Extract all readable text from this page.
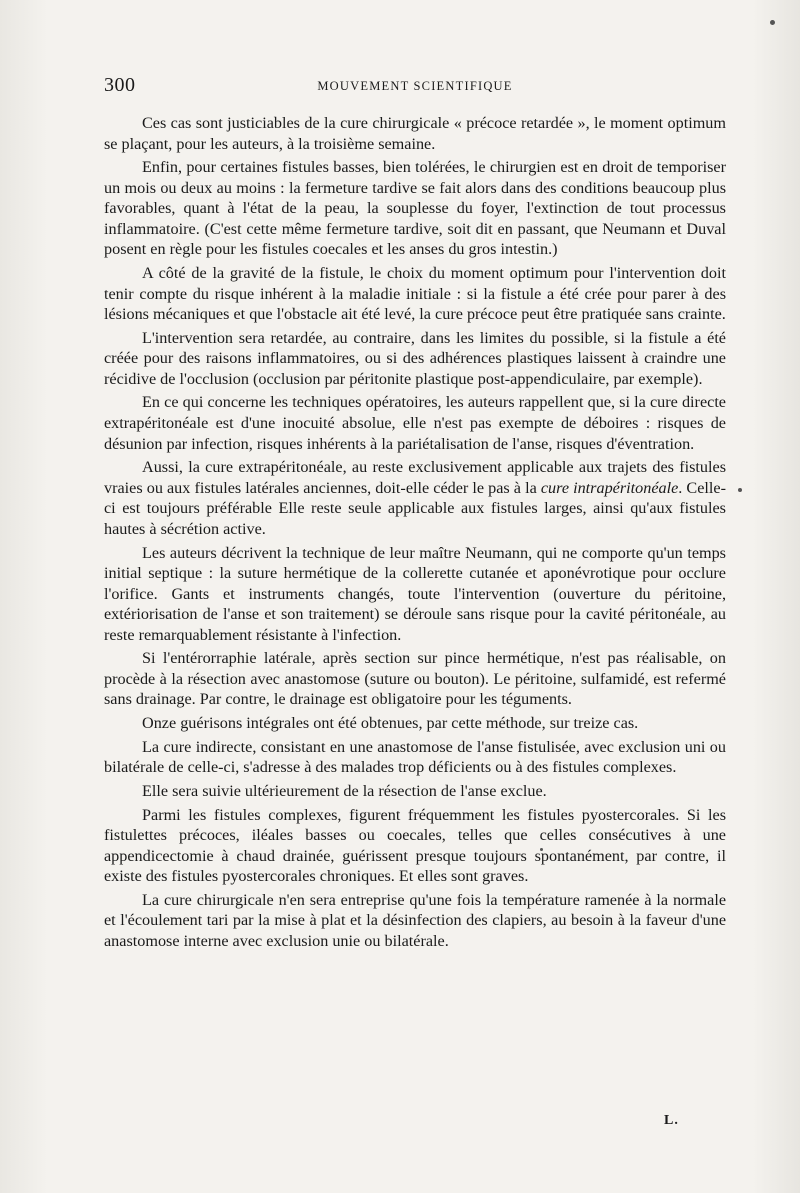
300	MOUVEMENT SCIENTIFIQUE

Ces cas sont justiciables de la cure chirurgicale « précoce retardée », le moment optimum se plaçant, pour les auteurs, à la troisième semaine.

Enfin, pour certaines fistules basses, bien tolérées, le chirurgien est en droit de temporiser un mois ou deux au moins : la fermeture tardive se fait alors dans des conditions beaucoup plus favorables, quant à l'état de la peau, la souplesse du foyer, l'extinction de tout processus inflammatoire. (C'est cette même fermeture tardive, soit dit en passant, que Neumann et Duval posent en règle pour les fistules coecales et les anses du gros intestin.)

A côté de la gravité de la fistule, le choix du moment optimum pour l'intervention doit tenir compte du risque inhérent à la maladie initiale : si la fistule a été crée pour parer à des lésions mécaniques et que l'obstacle ait été levé, la cure précoce peut être pratiquée sans crainte.

L'intervention sera retardée, au contraire, dans les limites du possible, si la fistule a été créée pour des raisons inflammatoires, ou si des adhérences plastiques laissent à craindre une récidive de l'occlusion (occlusion par péritonite plastique post-appendiculaire, par exemple).

En ce qui concerne les techniques opératoires, les auteurs rappellent que, si la cure directe extrapéritonéale est d'une inocuité absolue, elle n'est pas exempte de déboires : risques de désunion par infection, risques inhérents à la pariétalisation de l'anse, risques d'éventration.

Aussi, la cure extrapéritonéale, au reste exclusivement applicable aux trajets des fistules vraies ou aux fistules latérales anciennes, doit-elle céder le pas à la cure intrapéritonéale. Celle-ci est toujours préférable Elle reste seule applicable aux fistules larges, ainsi qu'aux fistules hautes à sécrétion active.

Les auteurs décrivent la technique de leur maître Neumann, qui ne comporte qu'un temps initial septique : la suture hermétique de la collerette cutanée et aponévrotique pour occlure l'orifice. Gants et instruments changés, toute l'intervention (ouverture du péritoine, extériorisation de l'anse et son traitement) se déroule sans risque pour la cavité péritonéale, au reste remarquablement résistante à l'infection.

Si l'entérorraphie latérale, après section sur pince hermétique, n'est pas réalisable, on procède à la résection avec anastomose (suture ou bouton). Le péritoine, sulfamidé, est refermé sans drainage. Par contre, le drainage est obligatoire pour les téguments.

Onze guérisons intégrales ont été obtenues, par cette méthode, sur treize cas.

La cure indirecte, consistant en une anastomose de l'anse fistulisée, avec exclusion uni ou bilatérale de celle-ci, s'adresse à des malades trop déficients ou à des fistules complexes.

Elle sera suivie ultérieurement de la résection de l'anse exclue.

Parmi les fistules complexes, figurent fréquemment les fistules pyostercorales. Si les fistulettes précoces, iléales basses ou coecales, telles que celles consécutives à une appendicectomie à chaud drainée, guérissent presque toujours spontanément, par contre, il existe des fistules pyostercorales chroniques. Et elles sont graves.

La cure chirurgicale n'en sera entreprise qu'une fois la température ramenée à la normale et l'écoulement tari par la mise à plat et la désinfection des clapiers, au besoin à la faveur d'une anastomose interne avec exclusion unie ou bilatérale.

L.
